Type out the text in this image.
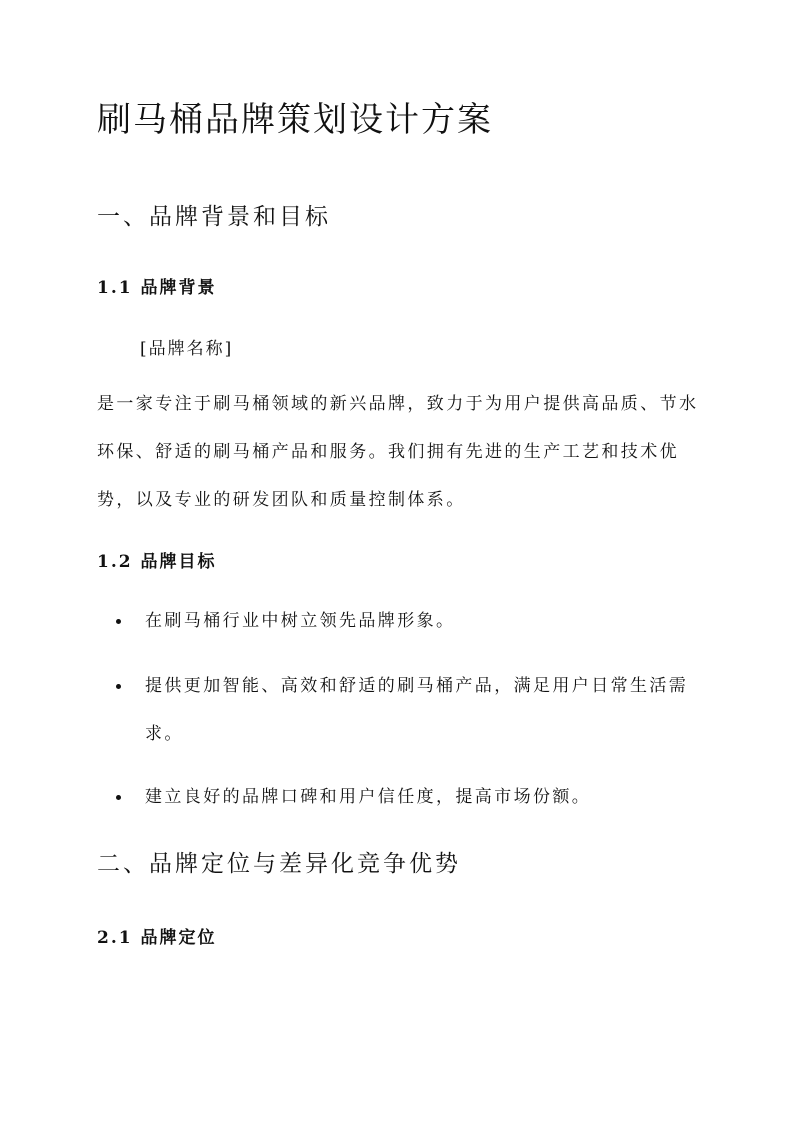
刷马桶品牌策划设计方案
一、品牌背景和目标
1.1 品牌背景

[品牌名称]

是一家专注于刷马桶领域的新兴品牌，致力于为用户提供高品质、节水环保、舒适的刷马桶产品和服务。我们拥有先进的生产工艺和技术优势，以及专业的研发团队和质量控制体系。

1.2 品牌目标
在刷马桶行业中树立领先品牌形象。
提供更加智能、高效和舒适的刷马桶产品，满足用户日常生活需求。
建立良好的品牌口碑和用户信任度，提高市场份额。
二、品牌定位与差异化竞争优势
2.1 品牌定位
